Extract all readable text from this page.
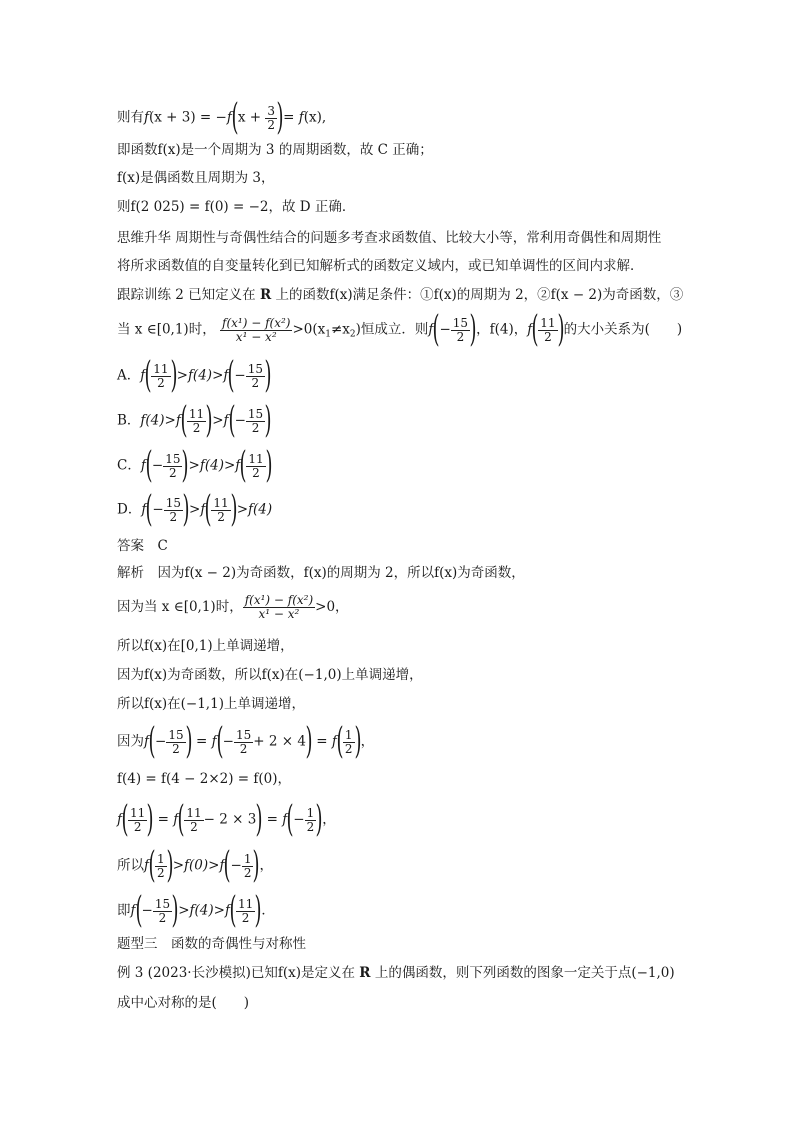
则有$f(x + 3) = -f(x + \frac{3}{2}$ )= f(x),
即函数f(x)是一个周期为 3 的周期函数，故 C 正确；
f(x)是偶函数且周期为 3，
则f(2 025) = f(0) = −2，故 D 正确．
思维升华 周期性与奇偶性结合的问题多考查求函数值、比较大小等，常利用奇偶性和周期性
将所求函数值的自变量转化到已知解析式的函数定义域内，或已知单调性的区间内求解．
跟踪训练 2 已知定义在 R 上的函数f(x)满足条件：①f(x)的周期为 2，②f(x − 2)为奇函数，③
当 x ∈[0,1)时， $\frac{\text{f(x¹) − f(x²)}}{\text{x¹ − x²}} >0(x_1\ne x_2)$恒成立．则$f(- \frac{15}{2}$ )，f(4)，$f( \frac{11}{2}$ )的大小关系为(　　)
A．$f( \frac{11}{2} )>f(4)>f(- \frac{15}{2}$ )
B．$f(4)>f( \frac{11}{2} )>f(- \frac{15}{2}$ )
C．$f(- \frac{15}{2} )>f(4)>f( \frac{11}{2}$ )
D．$f(- \frac{15}{2} )>f( \frac{11}{2} )>f(4)$
答案　C
解析　因为f(x − 2)为奇函数，f(x)的周期为 2，所以f(x)为奇函数，
因为当 x ∈[0,1)时， $\frac{\text{f(x¹) − f(x²)}}{\text{x¹ − x²}} >0$，
所以f(x)在[0,1)上单调递增，
因为f(x)为奇函数，所以f(x)在(−1,0)上单调递增，
所以f(x)在(−1,1)上单调递增，
因为$f(- \frac{15}{2}$ ) = $f(- \frac{15}{2} + 2 \times 4) = f( \frac{1}{2}$ )，
f(4) = f(4 − 2×2) = f(0)，
$f( \frac{11}{2}$ ) = $f( \frac{11}{2} - 2 \times 3) = f(- \frac{1}{2}$ )，
所以$f( \frac{1}{2} )>f(0)>f(- \frac{1}{2}$ )，
即$f(- \frac{15}{2} )>f(4)>f( \frac{11}{2}$ )．
题型三　函数的奇偶性与对称性
例 3 (2023·长沙模拟)已知f(x)是定义在 R 上的偶函数，则下列函数的图象一定关于点(−1,0)
成中心对称的是(　　)
